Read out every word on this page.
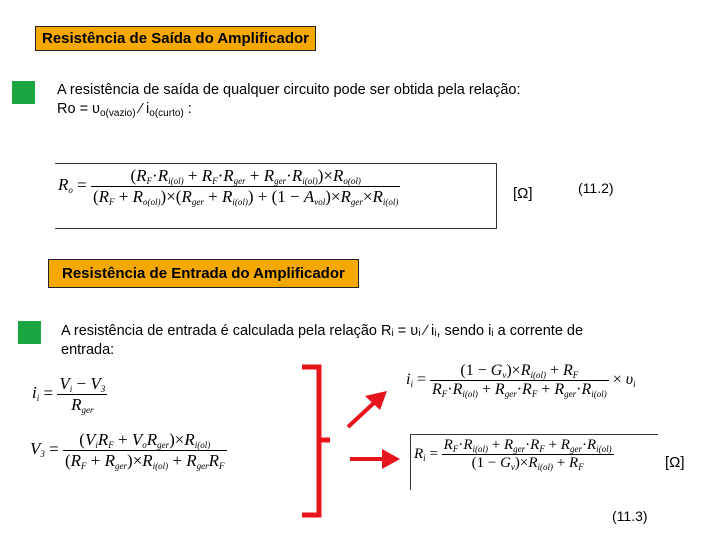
Resistência de Saída do Amplificador
A resistência de saída de qualquer circuito pode ser obtida pela relação:
$Ro = \upsilon_{o(vazio)}$ ⁄ $i_{o(curto)}$ :
$Ro = \frac{\text{(RF·Ri(ol) + RF·Rger + Rger·Ri(ol))×Ro(ol)}}{\text{(RF + Ro(ol))×(Rger + Ri(ol)) + (1 − Avol)×Rger×Ri(ol)}}$	[Ω]	(11.2)
Resistência de Entrada do Amplificador
A resistência de entrada é calculada pela relação Rᵢ = υᵢ ⁄ iᵢ, sendo iᵢ a corrente de
entrada:
ii = $\frac{Vi - V3}{\text{Rger}}$
$V3 = \frac{\text{(ViRF + VoRger)×Ri(ol)}}{\text{(RF + Rger)×Ri(ol) + RgerRF}}$
ii = $\frac{(1 - Gv)\times Ri(ol) + RF}{\text{RF·Ri(ol) + Rger·RF + Rger·Ri(ol)}} \times \upsilon i$
$R_i = \frac{R_F\cdot R_{i(ol)} + R_{ger}\cdot R_F + R_{ger}\cdot R_{i(ol)}}{(1 - G_v)\times R_{i(ol)} + R_F}$	[Ω]
(11.3)
